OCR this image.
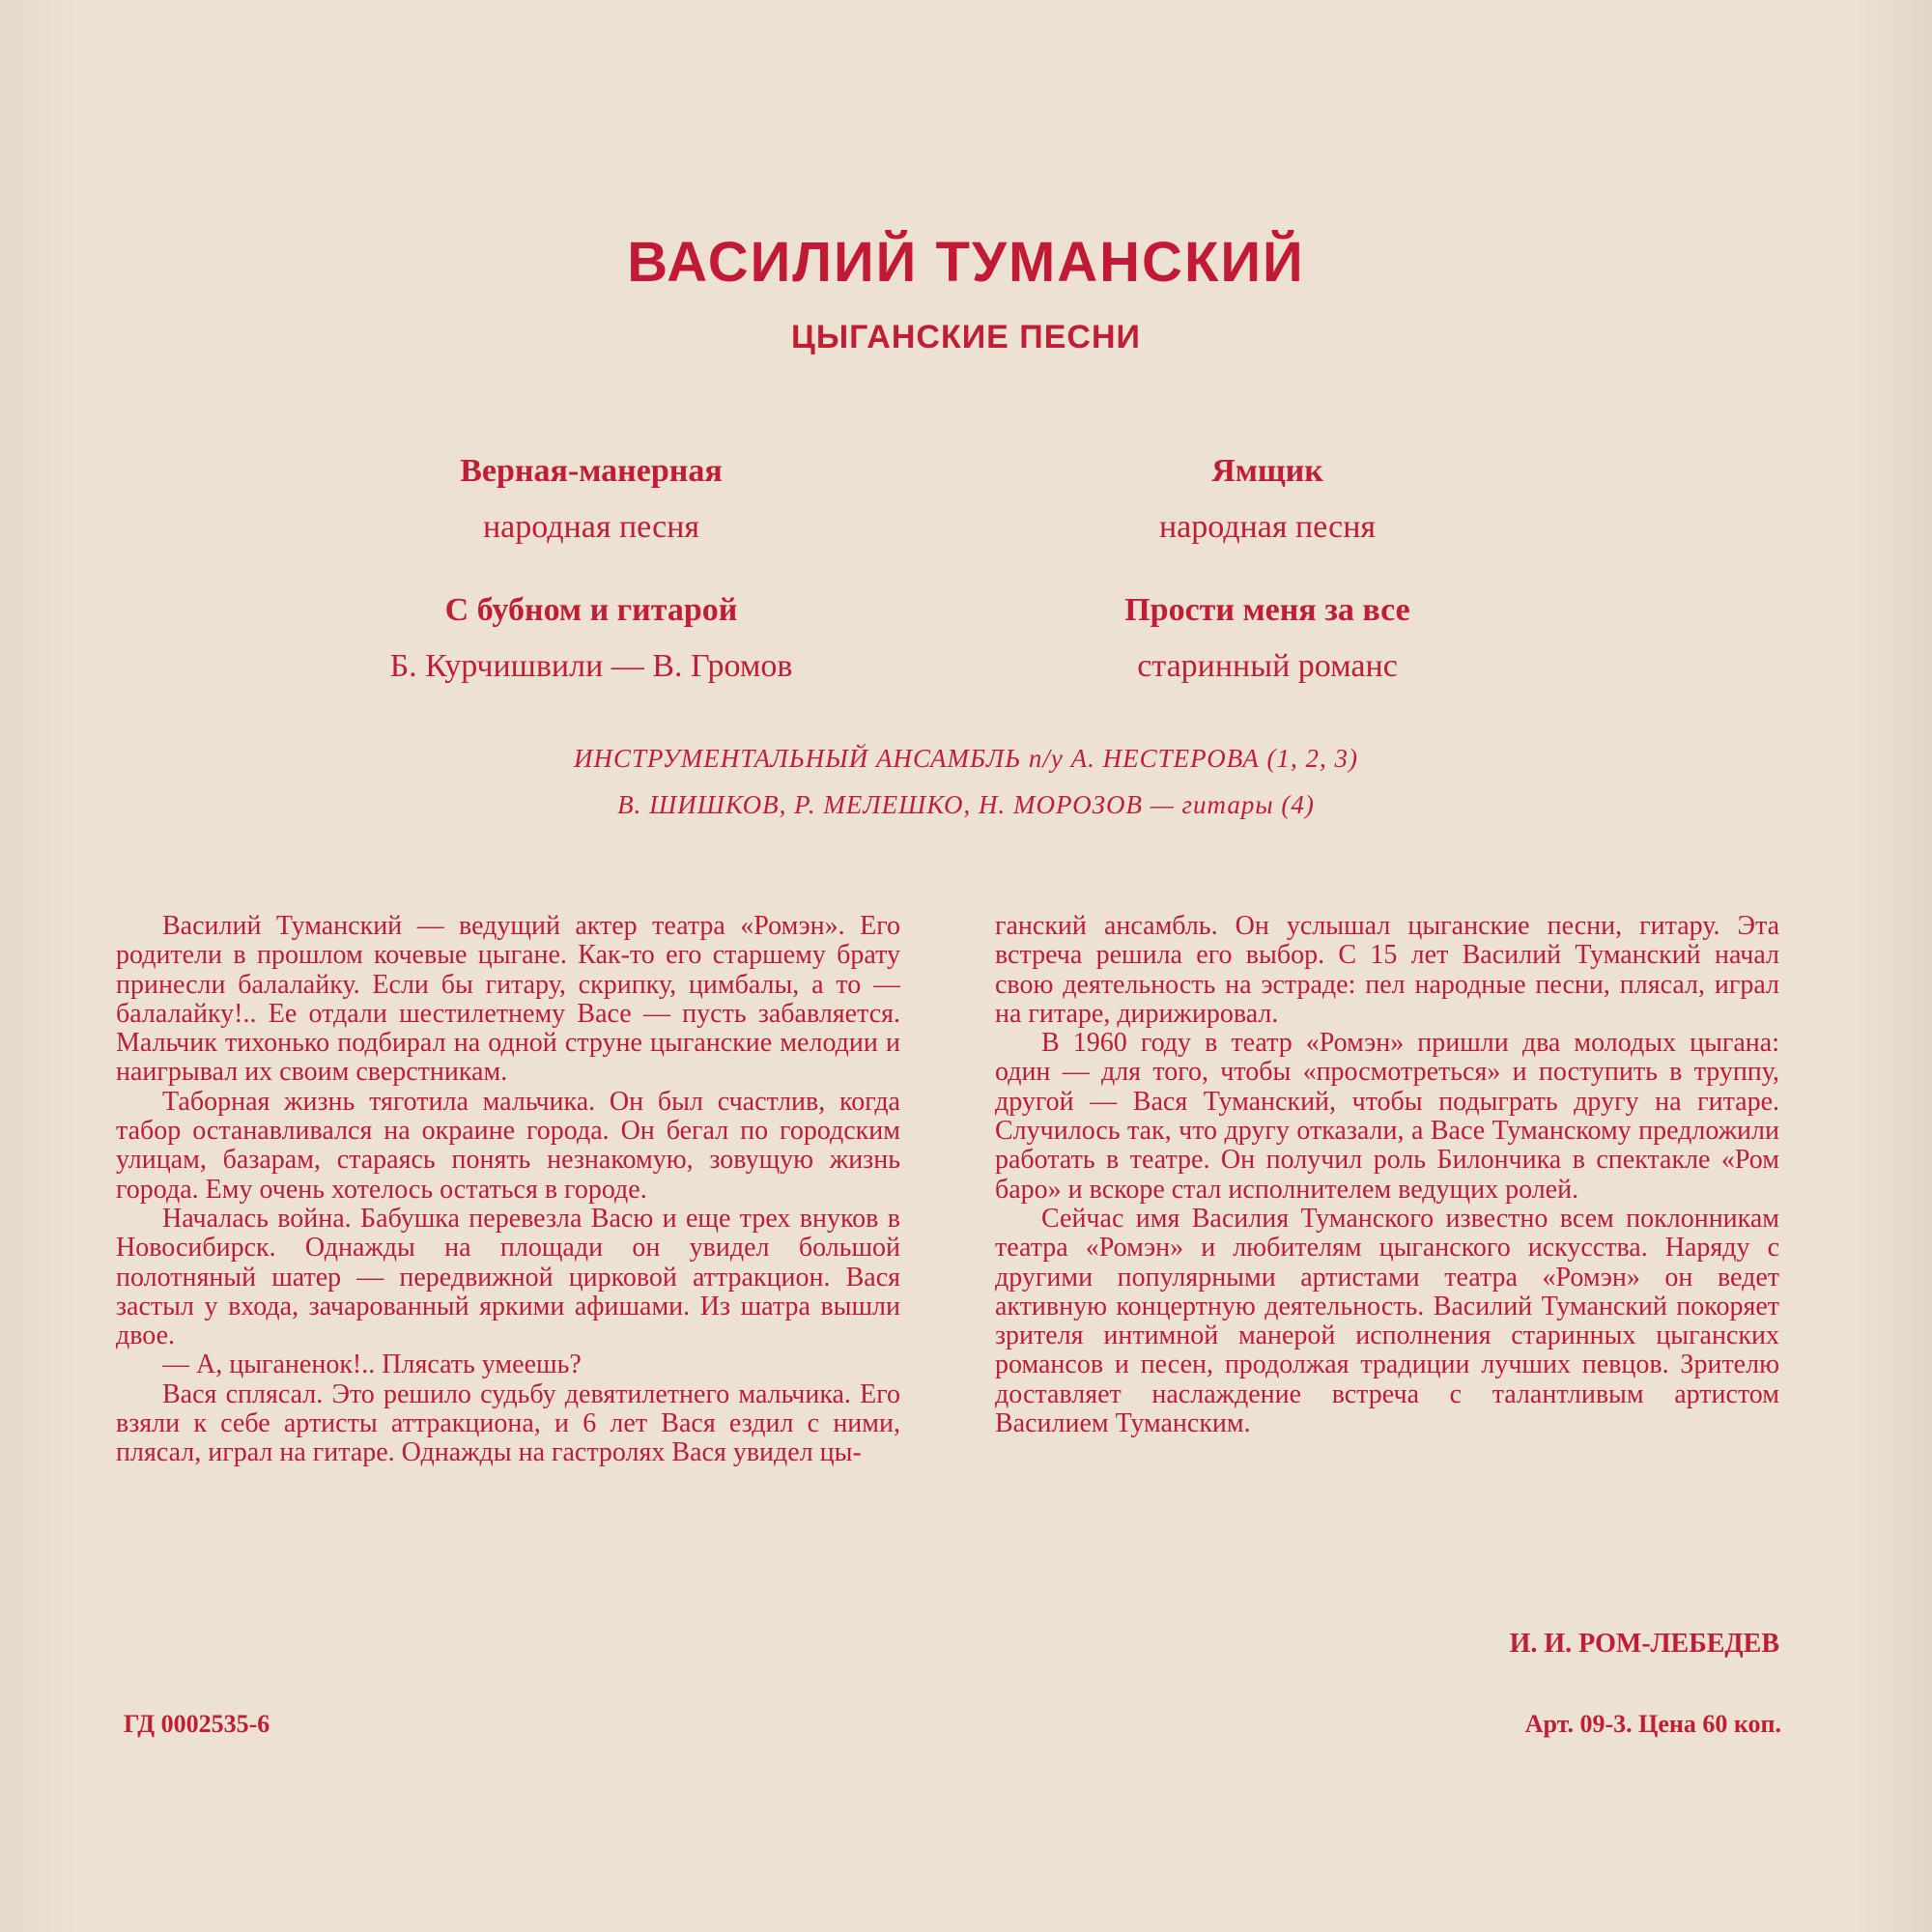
ВАСИЛИЙ ТУМАНСКИЙ
ЦЫГАНСКИЕ ПЕСНИ
Верная-манерная
народная песня
Ямщик
народная песня
С бубном и гитарой
Б. Курчишвили — В. Громов
Прости меня за все
старинный романс
ИНСТРУМЕНТАЛЬНЫЙ АНСАМБЛЬ п/у А. НЕСТЕРОВА (1, 2, 3)
В. ШИШКОВ, Р. МЕЛЕШКО, Н. МОРОЗОВ — гитары (4)

Василий Туманский — ведущий актер театра «Ромэн». Его родители в прошлом кочевые цыгане. Как-то его старшему брату принесли балалайку. Если бы гитару, скрипку, цимбалы, а то — балалайку!.. Ее отдали шестилетнему Васе — пусть забавляется. Мальчик тихонько подбирал на одной струне цыганские мелодии и наигрывал их своим сверстникам.

Таборная жизнь тяготила мальчика. Он был счастлив, когда табор останавливался на окраине города. Он бегал по городским улицам, базарам, стараясь понять незнакомую, зовущую жизнь города. Ему очень хотелось остаться в городе.

Началась война. Бабушка перевезла Васю и еще трех внуков в Новосибирск. Однажды на площади он увидел большой полотняный шатер — передвижной цирковой аттракцион. Вася застыл у входа, зачарованный яркими афишами. Из шатра вышли двое.

— А, цыганенок!.. Плясать умеешь?

Вася сплясал. Это решило судьбу девятилетнего мальчика. Его взяли к себе артисты аттракциона, и 6 лет Вася ездил с ними, плясал, играл на гитаре. Однажды на гастролях Вася увидел цы-

ганский ансамбль. Он услышал цыганские песни, гитару. Эта встреча решила его выбор. С 15 лет Василий Туманский начал свою деятельность на эстраде: пел народные песни, плясал, играл на гитаре, дирижировал.

В 1960 году в театр «Ромэн» пришли два молодых цыгана: один — для того, чтобы «просмотреться» и поступить в труппу, другой — Вася Туманский, чтобы подыграть другу на гитаре. Случилось так, что другу отказали, а Васе Туманскому предложили работать в театре. Он получил роль Билончика в спектакле «Ром баро» и вскоре стал исполнителем ведущих ролей.

Сейчас имя Василия Туманского известно всем поклонникам театра «Ромэн» и любителям цыганского искусства. Наряду с другими популярными артистами театра «Ромэн» он ведет активную концертную деятельность. Василий Туманский покоряет зрителя интимной манерой исполнения старинных цыганских романсов и песен, продолжая традиции лучших певцов. Зрителю доставляет наслаждение встреча с талантливым артистом Василием Туманским.

И. И. РОМ-ЛЕБЕДЕВ
ГД 0002535-6	Арт. 09-3. Цена 60 коп.
